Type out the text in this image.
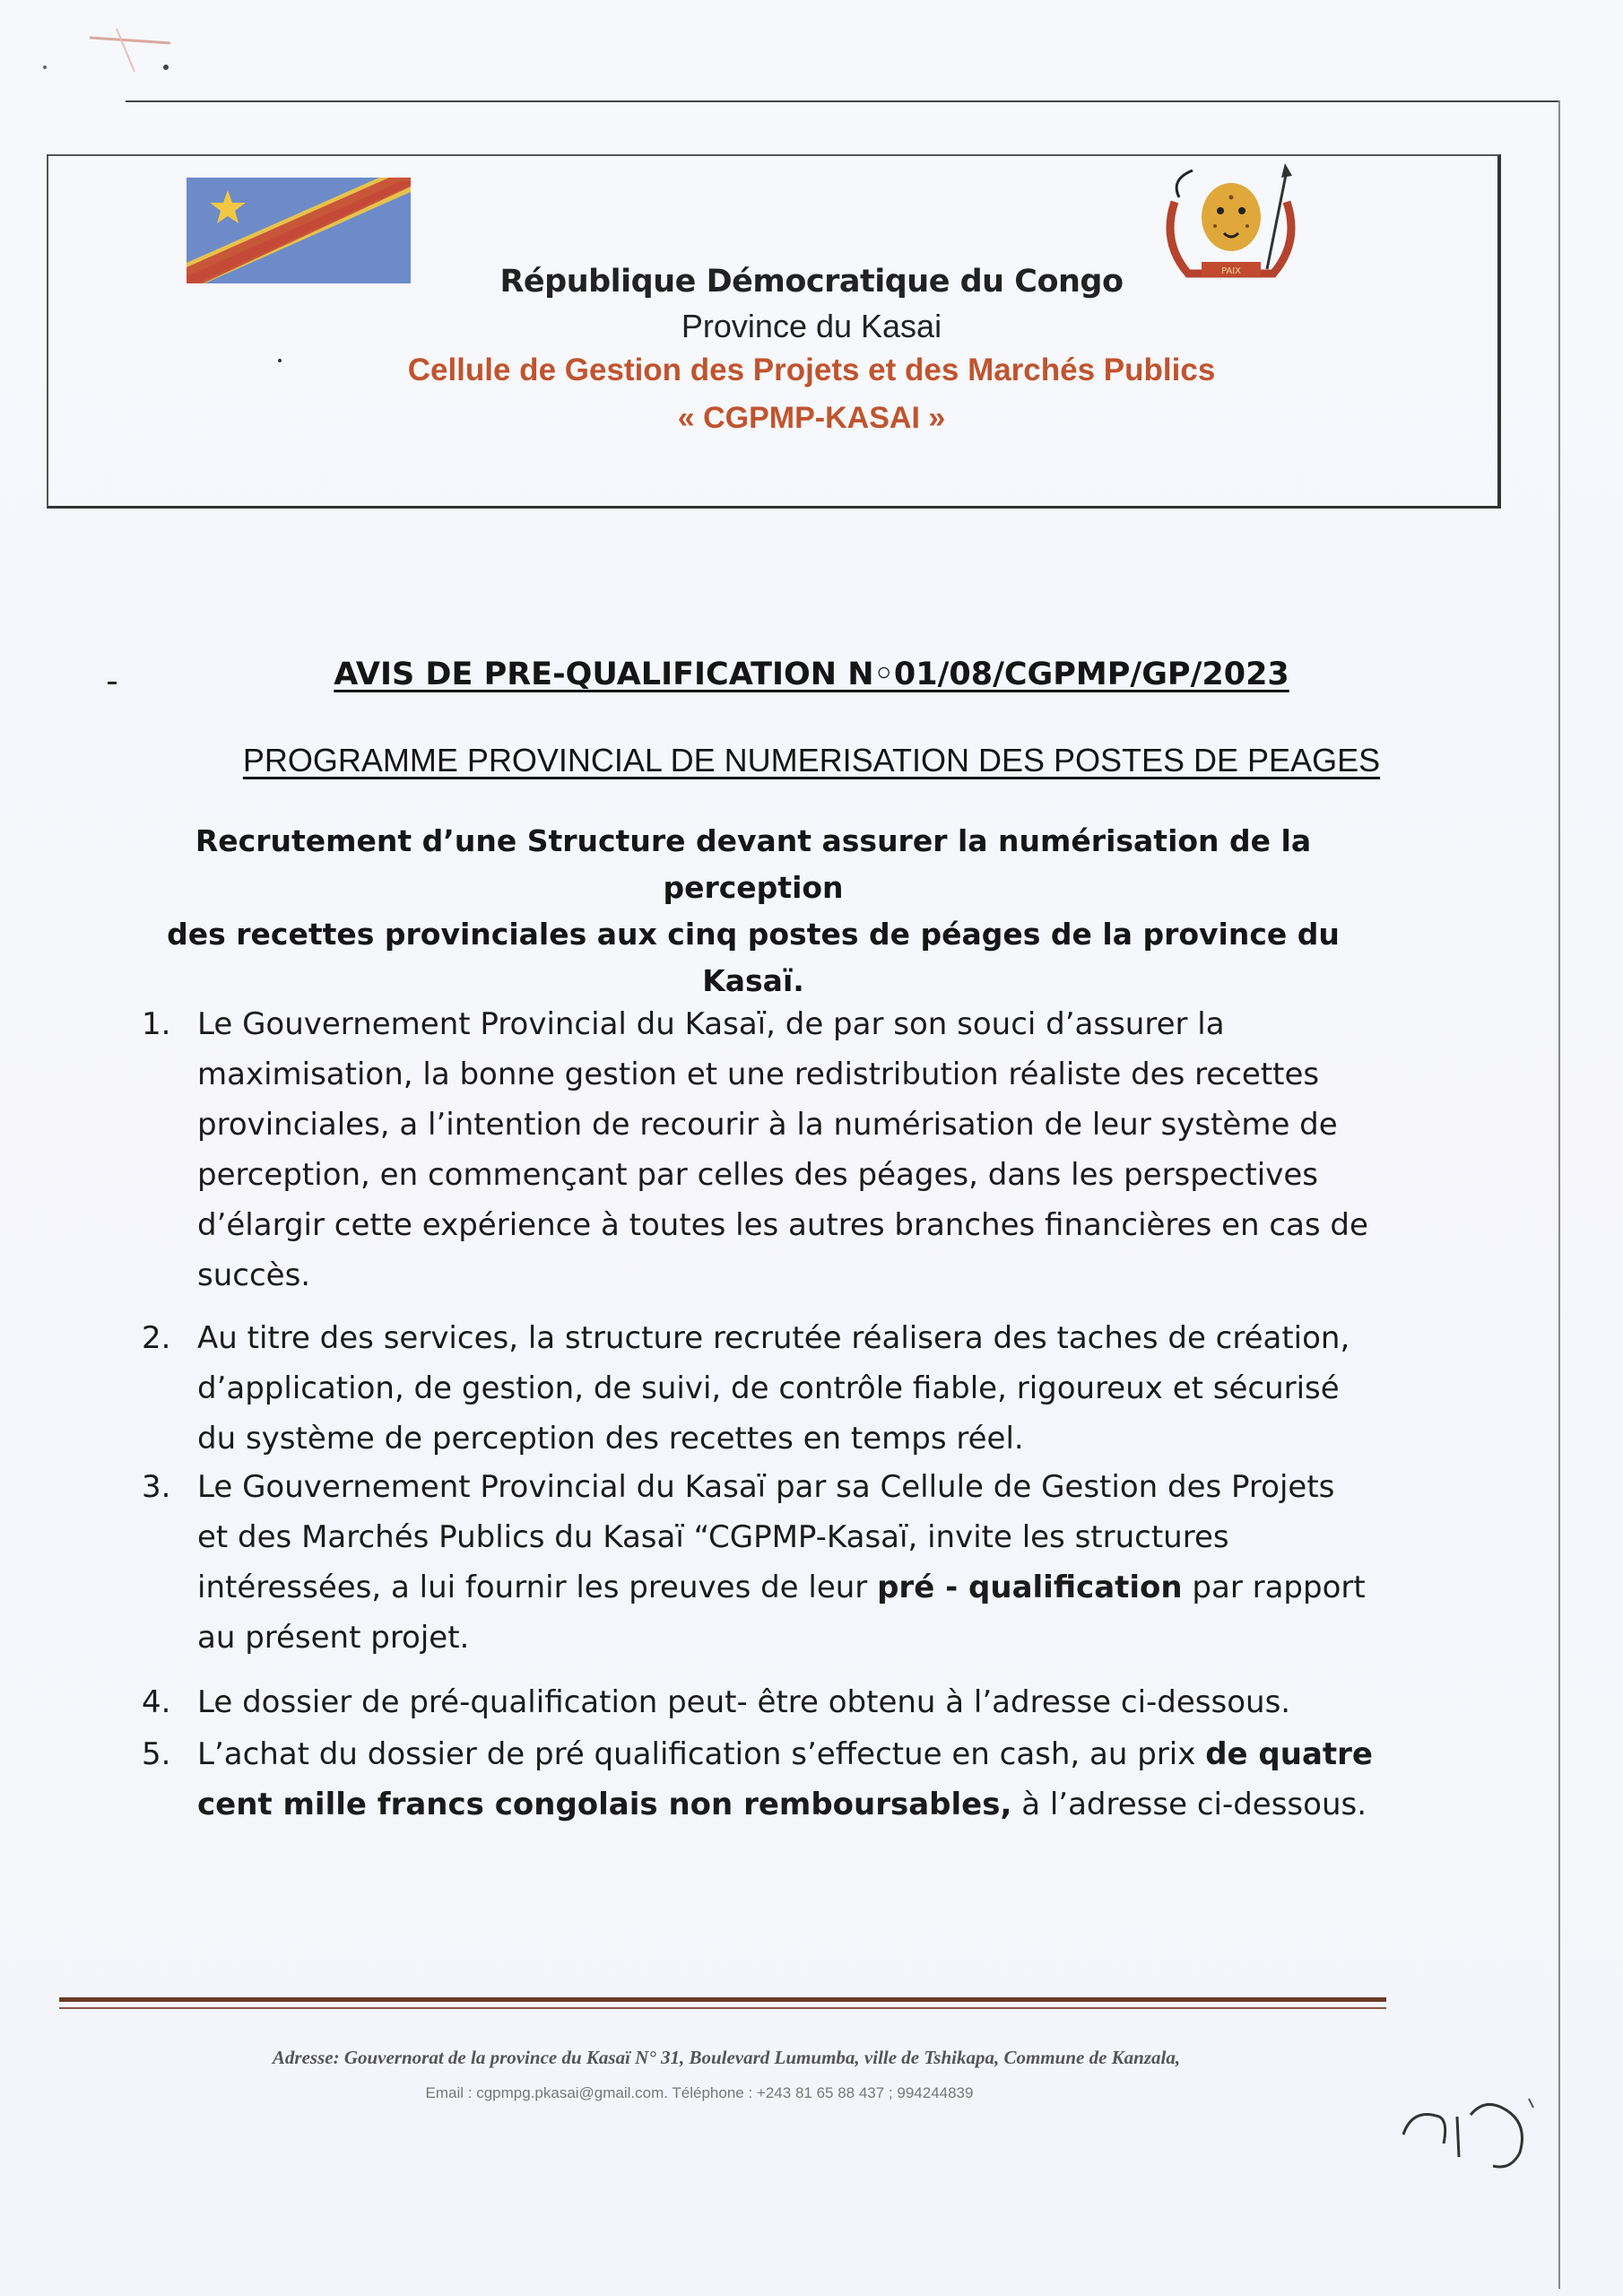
PAIX
République Démocratique du Congo
Province du Kasai
Cellule de Gestion des Projets et des Marchés Publics
« CGPMP-KASAI »
AVIS DE PRE-QUALIFICATION N◦01/08/CGPMP/GP/2023
PROGRAMME PROVINCIAL DE NUMERISATION DES POSTES DE PEAGES
Recrutement d’une Structure devant assurer la numérisation de la perception
des recettes provinciales aux cinq postes de péages de la province du Kasaï.
1. Le Gouvernement Provincial du Kasaï, de par son souci d’assurer la
maximisation, la bonne gestion et une redistribution réaliste des recettes
provinciales, a l’intention de recourir à la numérisation de leur système de
perception, en commençant par celles des péages, dans les perspectives
d’élargir cette expérience à toutes les autres branches financières en cas de
succès.
2. Au titre des services, la structure recrutée réalisera des taches de création,
d’application, de gestion, de suivi, de contrôle fiable, rigoureux et sécurisé
du système de perception des recettes en temps réel.
3. Le Gouvernement Provincial du Kasaï par sa Cellule de Gestion des Projets
et des Marchés Publics du Kasaï “CGPMP-Kasaï, invite les structures
intéressées, a lui fournir les preuves de leur pré - qualification par rapport
au présent projet.
4. Le dossier de pré-qualification peut- être obtenu à l’adresse ci-dessous.
5. L’achat du dossier de pré qualification s’effectue en cash, au prix de quatre
cent mille francs congolais non remboursables, à l’adresse ci-dessous.
Adresse: Gouvernorat de la province du Kasaï N° 31, Boulevard Lumumba, ville de Tshikapa, Commune de Kanzala,
Email : cgpmpg.pkasai@gmail.com. Téléphone : +243 81 65 88 437 ; 994244839
